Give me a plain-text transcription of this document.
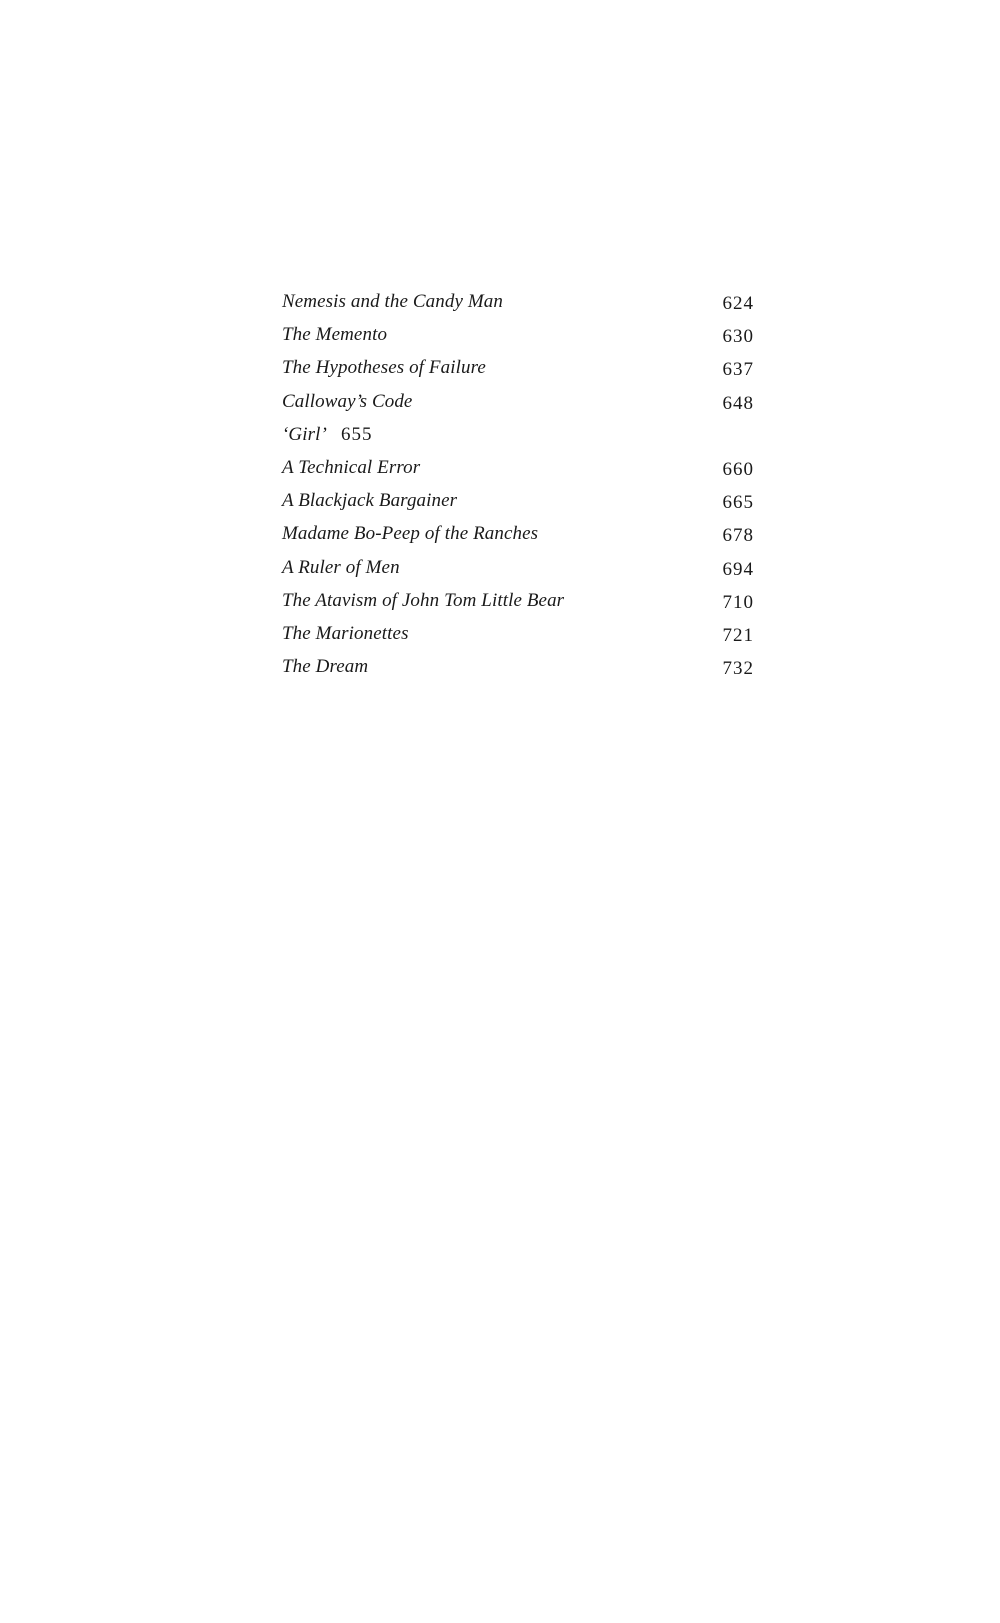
Nemesis and the Candy Man	624
The Memento	630
The Hypotheses of Failure	637
Calloway’s Code	648
‘Girl’ 655
A Technical Error	660
A Blackjack Bargainer	665
Madame Bo-Peep of the Ranches	678
A Ruler of Men	694
The Atavism of John Tom Little Bear	710
The Marionettes	721
The Dream	732
